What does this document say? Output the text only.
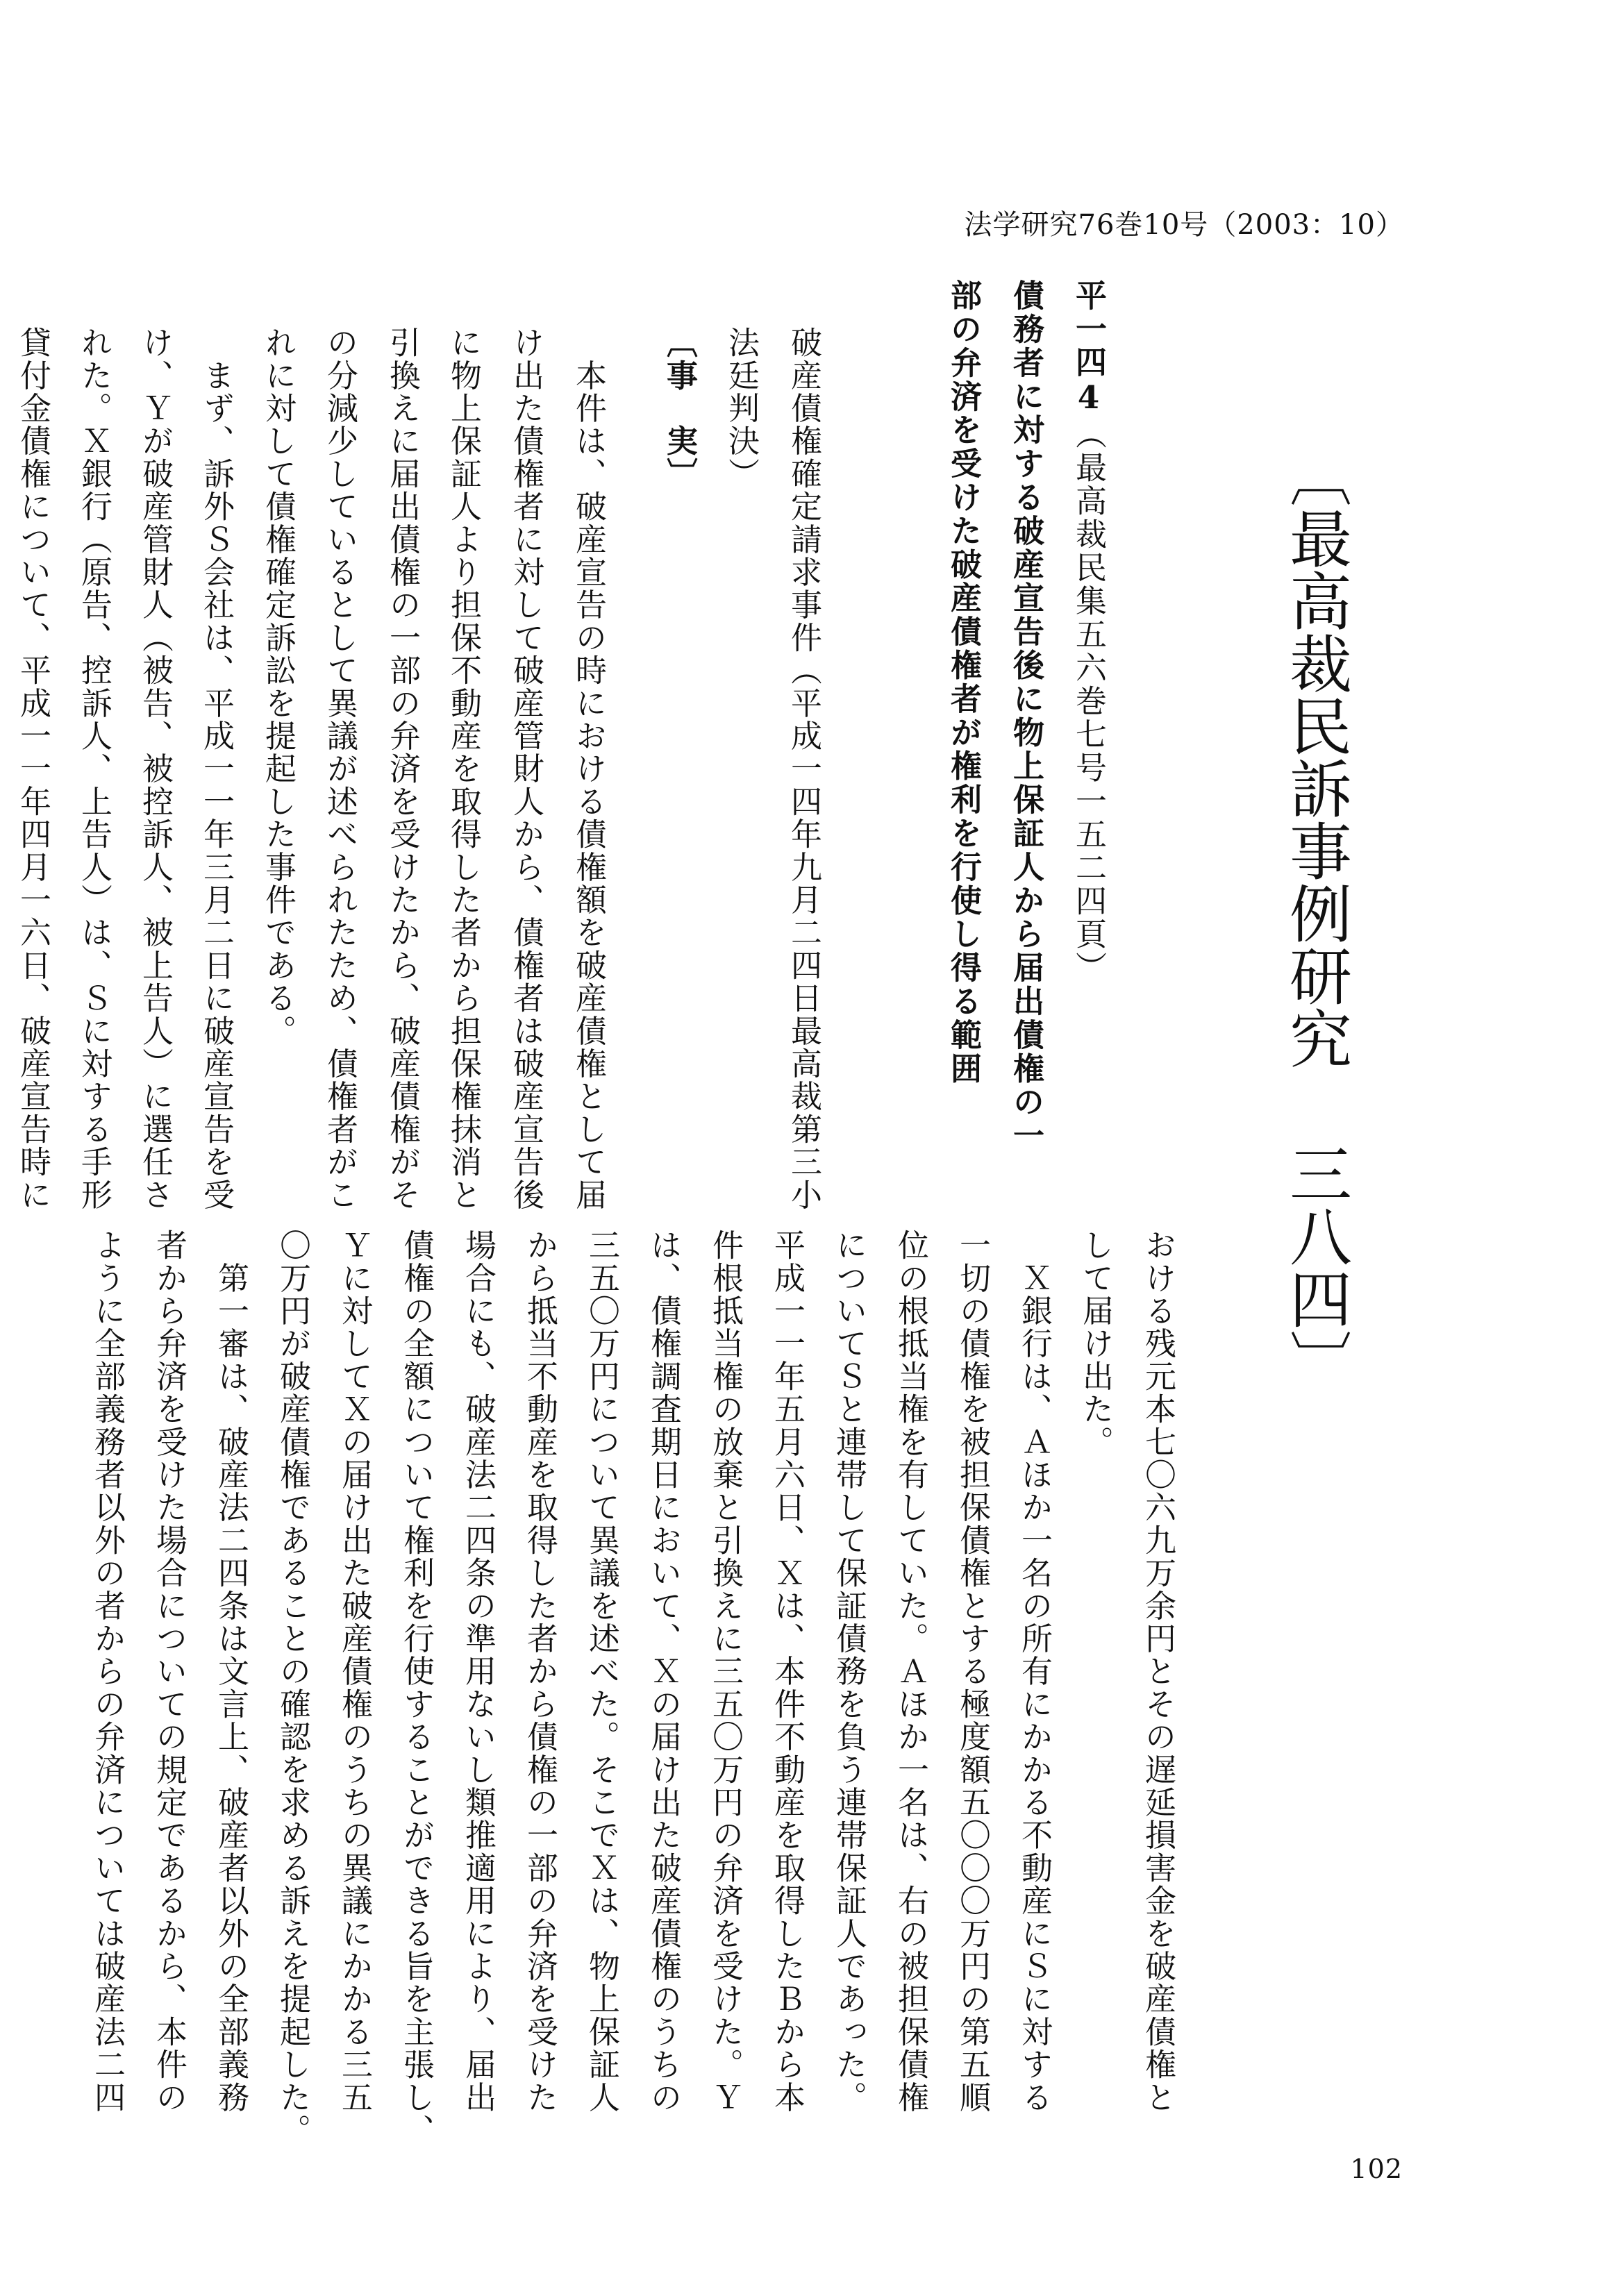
法学研究76巻10号（2003：10）
〔最高裁民訴事例研究 三八四〕
平一四4（最高裁民集五六巻七号一五二四頁）
債務者に対する破産宣告後に物上保証人から届出債権の一
部の弁済を受けた破産債権者が権利を行使し得る範囲
破産債権確定請求事件（平成一四年九月二四日最高裁第三小
法廷判決）
〔事　実〕
　本件は、破産宣告の時における債権額を破産債権として届
け出た債権者に対して破産管財人から、債権者は破産宣告後
に物上保証人より担保不動産を取得した者から担保権抹消と
引換えに届出債権の一部の弁済を受けたから、破産債権がそ
の分減少しているとして異議が述べられたため、債権者がこ
れに対して債権確定訴訟を提起した事件である。
　まず、訴外Ｓ会社は、平成一一年三月二日に破産宣告を受
け、Ｙが破産管財人（被告、被控訴人、被上告人）に選任さ
れた。Ｘ銀行（原告、控訴人、上告人）は、Ｓに対する手形
貸付金債権について、平成一一年四月一六日、破産宣告時に
おける残元本七〇六九万余円とその遅延損害金を破産債権と
して届け出た。
　Ｘ銀行は、Ａほか一名の所有にかかる不動産にＳに対する
一切の債権を被担保債権とする極度額五〇〇〇万円の第五順
位の根抵当権を有していた。Ａほか一名は、右の被担保債権
についてＳと連帯して保証債務を負う連帯保証人であった。
平成一一年五月六日、Ｘは、本件不動産を取得したＢから本
件根抵当権の放棄と引換えに三五〇万円の弁済を受けた。Ｙ
は、債権調査期日において、Ｘの届け出た破産債権のうちの
三五〇万円について異議を述べた。そこでＸは、物上保証人
から抵当不動産を取得した者から債権の一部の弁済を受けた
場合にも、破産法二四条の準用ないし類推適用により、届出
債権の全額について権利を行使することができる旨を主張し、
Ｙに対してＸの届け出た破産債権のうちの異議にかかる三五
〇万円が破産債権であることの確認を求める訴えを提起した。
　第一審は、破産法二四条は文言上、破産者以外の全部義務
者から弁済を受けた場合についての規定であるから、本件の
ように全部義務者以外の者からの弁済については破産法二四
102
